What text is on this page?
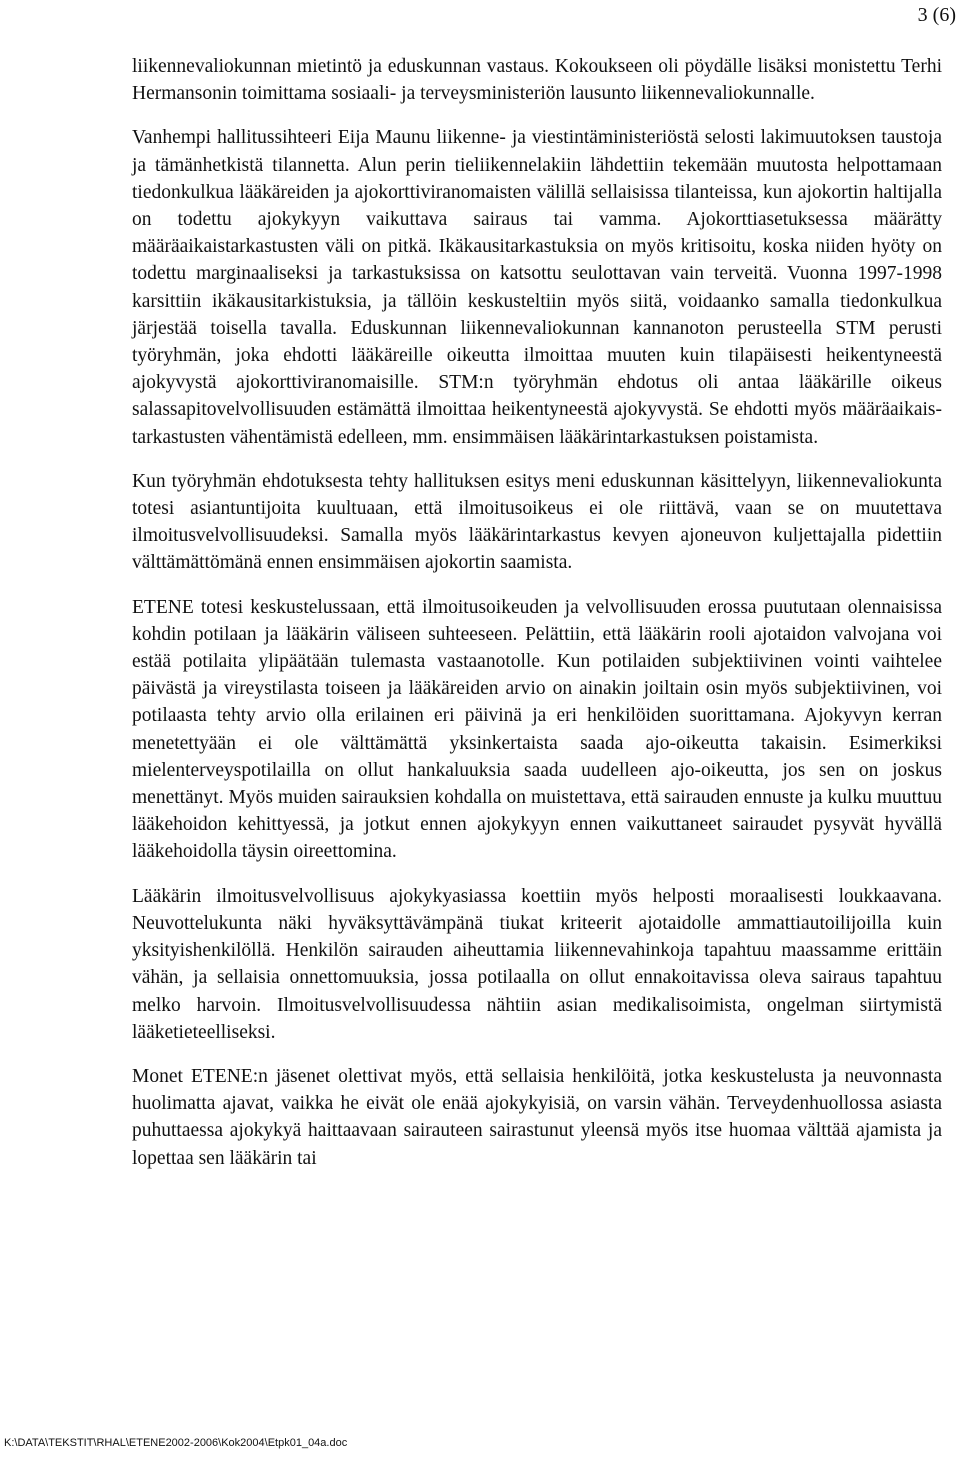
3 (6)

liikennevaliokunnan mietintö ja eduskunnan vastaus. Kokoukseen oli pöydälle lisäksi monistettu Terhi Hermansonin toimittama sosiaali- ja terveysministeriön lausunto liikennevaliokunnalle.

Vanhempi hallitussihteeri Eija Maunu liikenne- ja viestintäministeriöstä selosti lakimuutoksen taustoja ja tämänhetkistä tilannetta. Alun perin tieliikennelakiin lähdettiin tekemään muutosta helpottamaan tiedonkulkua lääkäreiden ja ajokorttiviranomaisten välillä sellaisissa tilanteissa, kun ajokortin haltijalla on todettu ajokykyyn vaikuttava sairaus tai vamma. Ajokorttiasetuksessa määrätty määräaikaistarkastusten väli on pitkä. Ikäkausitarkastuksia on myös kritisoitu, koska niiden hyöty on todettu marginaaliseksi ja tarkastuksissa on katsottu seulottavan vain terveitä. Vuonna 1997-1998 karsittiin ikäkausitarkistuksia, ja tällöin keskusteltiin myös siitä, voidaanko samalla tiedonkulkua järjestää toisella tavalla. Eduskunnan liikennevaliokunnan kannanoton perusteella STM perusti työryhmän, joka ehdotti lääkäreille oikeutta ilmoittaa muuten kuin tilapäisesti heikentyneestä ajokyvystä ajokorttiviranomaisille. STM:n työryhmän ehdotus oli antaa lääkärille oikeus salassapitovelvollisuuden estämättä ilmoittaa heikentyneestä ajokyvystä. Se ehdotti myös määräaikais-tarkastusten vähentämistä edelleen, mm. ensimmäisen lääkärintarkastuksen poistamista.

Kun työryhmän ehdotuksesta tehty hallituksen esitys meni eduskunnan käsittelyyn, liikennevaliokunta totesi asiantuntijoita kuultuaan, että ilmoitusoikeus ei ole riittävä, vaan se on muutettava ilmoitusvelvollisuudeksi. Samalla myös lääkärintarkastus kevyen ajoneuvon kuljettajalla pidettiin välttämättömänä ennen ensimmäisen ajokortin saamista.

ETENE totesi keskustelussaan, että ilmoitusoikeuden ja velvollisuuden erossa puututaan olennaisissa kohdin potilaan ja lääkärin väliseen suhteeseen. Pelättiin, että lääkärin rooli ajotaidon valvojana voi estää potilaita ylipäätään tulemasta vastaanotolle. Kun potilaiden subjektiivinen vointi vaihtelee päivästä ja vireystilasta toiseen ja lääkäreiden arvio on ainakin joiltain osin myös subjektiivinen, voi potilaasta tehty arvio olla erilainen eri päivinä ja eri henkilöiden suorittamana. Ajokyvyn kerran menetettyään ei ole välttämättä yksinkertaista saada ajo-oikeutta takaisin. Esimerkiksi mielenterveyspotilailla on ollut hankaluuksia saada uudelleen ajo-oikeutta, jos sen on joskus menettänyt. Myös muiden sairauksien kohdalla on muistettava, että sairauden ennuste ja kulku muuttuu lääkehoidon kehittyessä, ja jotkut ennen ajokykyyn ennen vaikuttaneet sairaudet pysyvät hyvällä lääkehoidolla täysin oireettomina.

Lääkärin ilmoitusvelvollisuus ajokykyasiassa koettiin myös helposti moraalisesti loukkaavana. Neuvottelukunta näki hyväksyttävämpänä tiukat kriteerit ajotaidolle ammattiautoilijoilla kuin yksityishenkilöllä. Henkilön sairauden aiheuttamia liikennevahinkoja tapahtuu maassamme erittäin vähän, ja sellaisia onnettomuuksia, jossa potilaalla on ollut ennakoitavissa oleva sairaus tapahtuu melko harvoin. Ilmoitusvelvollisuudessa nähtiin asian medikalisoimista, ongelman siirtymistä lääketieteelliseksi.

Monet ETENE:n jäsenet olettivat myös, että sellaisia henkilöitä, jotka keskustelusta ja neuvonnasta huolimatta ajavat, vaikka he eivät ole enää ajokykyisiä, on varsin vähän. Terveydenhuollossa asiasta puhuttaessa ajokykyä haittaavaan sairauteen sairastunut yleensä myös itse huomaa välttää ajamista ja lopettaa sen lääkärin tai

K:\DATA\TEKSTIT\RHAL\ETENE2002-2006\Kok2004\Etpk01_04a.doc
